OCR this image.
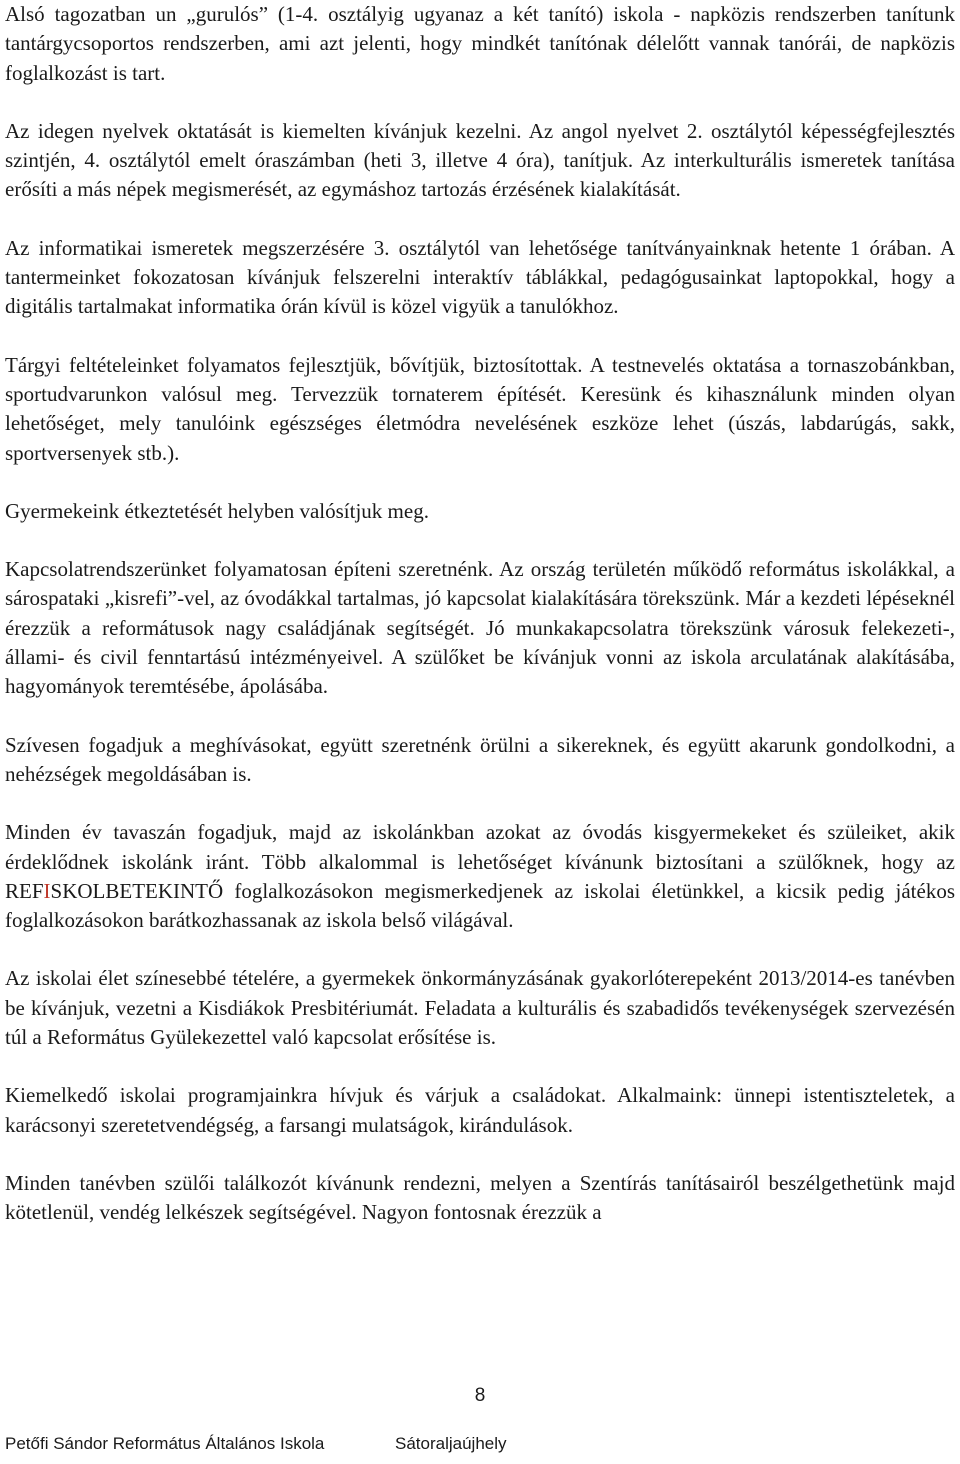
Alsó tagozatban un „gurulós” (1-4. osztályig ugyanaz a két tanító) iskola - napközis rendszerben tanítunk tantárgycsoportos rendszerben, ami azt jelenti, hogy mindkét tanítónak délelőtt vannak tanórái, de napközis foglalkozást is tart.

Az idegen nyelvek oktatását is kiemelten kívánjuk kezelni. Az angol nyelvet 2. osztálytól képességfejlesztés szintjén, 4. osztálytól emelt óraszámban (heti 3, illetve 4 óra), tanítjuk. Az interkulturális ismeretek tanítása erősíti a más népek megismerését, az egymáshoz tartozás érzésének kialakítását.

Az informatikai ismeretek megszerzésére 3. osztálytól van lehetősége tanítványainknak hetente 1 órában. A tantermeinket fokozatosan kívánjuk felszerelni interaktív táblákkal, pedagógusainkat laptopokkal, hogy a digitális tartalmakat informatika órán kívül is közel vigyük a tanulókhoz.

Tárgyi feltételeinket folyamatos fejlesztjük, bővítjük, biztosítottak. A testnevelés oktatása a tornaszobánkban, sportudvarunkon valósul meg. Tervezzük tornaterem építését. Keresünk és kihasználunk minden olyan lehetőséget, mely tanulóink egészséges életmódra nevelésének eszköze lehet (úszás, labdarúgás, sakk, sportversenyek stb.).

Gyermekeink étkeztetését helyben valósítjuk meg.

Kapcsolatrendszerünket folyamatosan építeni szeretnénk. Az ország területén működő református iskolákkal, a sárospataki „kisrefi”-vel, az óvodákkal tartalmas, jó kapcsolat kialakítására törekszünk. Már a kezdeti lépéseknél érezzük a reformátusok nagy családjának segítségét. Jó munkakapcsolatra törekszünk városuk felekezeti-, állami- és civil fenntartású intézményeivel. A szülőket be kívánjuk vonni az iskola arculatának alakításába, hagyományok teremtésébe, ápolásába.

Szívesen fogadjuk a meghívásokat, együtt szeretnénk örülni a sikereknek, és együtt akarunk gondolkodni, a nehézségek megoldásában is.

Minden év tavaszán fogadjuk, majd az iskolánkban azokat az óvodás kisgyermekeket és szüleiket, akik érdeklődnek iskolánk iránt. Több alkalommal is lehetőséget kívánunk biztosítani a szülőknek, hogy az REFISKOLBETEKINTŐ foglalkozásokon megismerkedjenek az iskolai életünkkel, a kicsik pedig játékos foglalkozásokon barátkozhassanak az iskola belső világával.

Az iskolai élet színesebbé tételére, a gyermekek önkormányzásának gyakorlóterepeként 2013/2014-es tanévben be kívánjuk, vezetni a Kisdiákok Presbitériumát. Feladata a kulturális és szabadidős tevékenységek szervezésén túl a Református Gyülekezettel való kapcsolat erősítése is.

Kiemelkedő iskolai programjainkra hívjuk és várjuk a családokat. Alkalmaink: ünnepi istentiszteletek, a karácsonyi szeretetvendégség, a farsangi mulatságok, kirándulások.

Minden tanévben szülői találkozót kívánunk rendezni, melyen a Szentírás tanításairól beszélgethetünk majd kötetlenül, vendég lelkészek segítségével. Nagyon fontosnak érezzük a

8
Petőfi Sándor Református Általános Iskola	Sátoraljaújhely
